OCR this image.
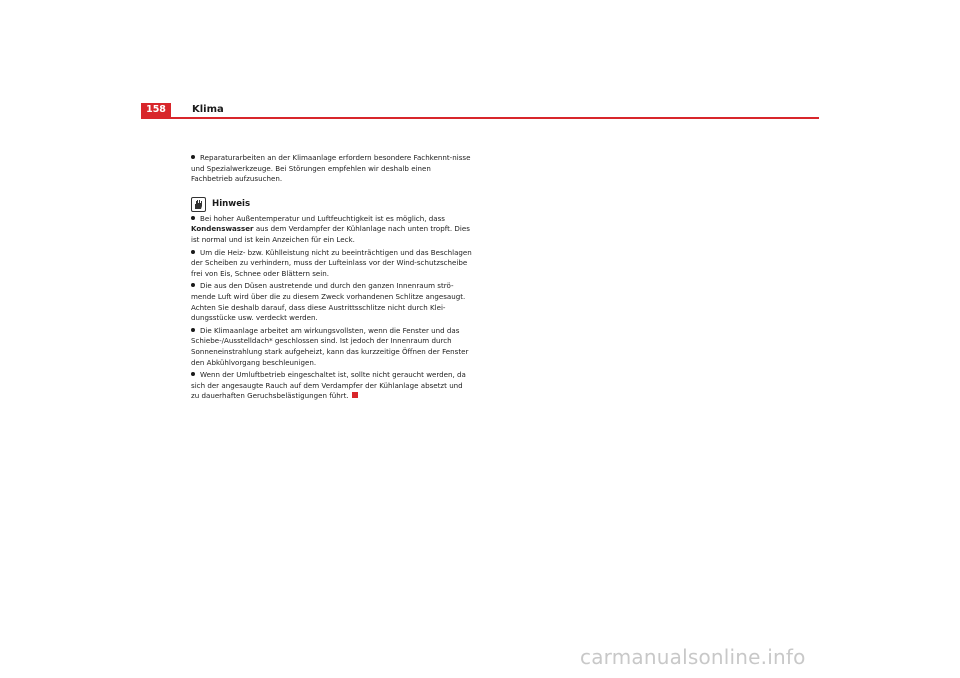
158	Klima

Reparaturarbeiten an der Klimaanlage erfordern besondere Fachkennt-nisse und Spezialwerkzeuge. Bei Störungen empfehlen wir deshalb einen Fachbetrieb aufzusuchen.

Hinweis

Bei hoher Außentemperatur und Luftfeuchtigkeit ist es möglich, dass Kondenswasser aus dem Verdampfer der Kühlanlage nach unten tropft. Dies ist normal und ist kein Anzeichen für ein Leck.

Um die Heiz- bzw. Kühlleistung nicht zu beeinträchtigen und das Beschlagen der Scheiben zu verhindern, muss der Lufteinlass vor der Wind-schutzscheibe frei von Eis, Schnee oder Blättern sein.

Die aus den Düsen austretende und durch den ganzen Innenraum strö-mende Luft wird über die zu diesem Zweck vorhandenen Schlitze angesaugt. Achten Sie deshalb darauf, dass diese Austrittsschlitze nicht durch Klei-dungsstücke usw. verdeckt werden.

Die Klimaanlage arbeitet am wirkungsvollsten, wenn die Fenster und das Schiebe-/Ausstelldach* geschlossen sind. Ist jedoch der Innenraum durch Sonneneinstrahlung stark aufgeheizt, kann das kurzzeitige Öffnen der Fenster den Abkühlvorgang beschleunigen.

Wenn der Umluftbetrieb eingeschaltet ist, sollte nicht geraucht werden, da sich der angesaugte Rauch auf dem Verdampfer der Kühlanlage absetzt und zu dauerhaften Geruchsbelästigungen führt.

carmanualsonline.info
